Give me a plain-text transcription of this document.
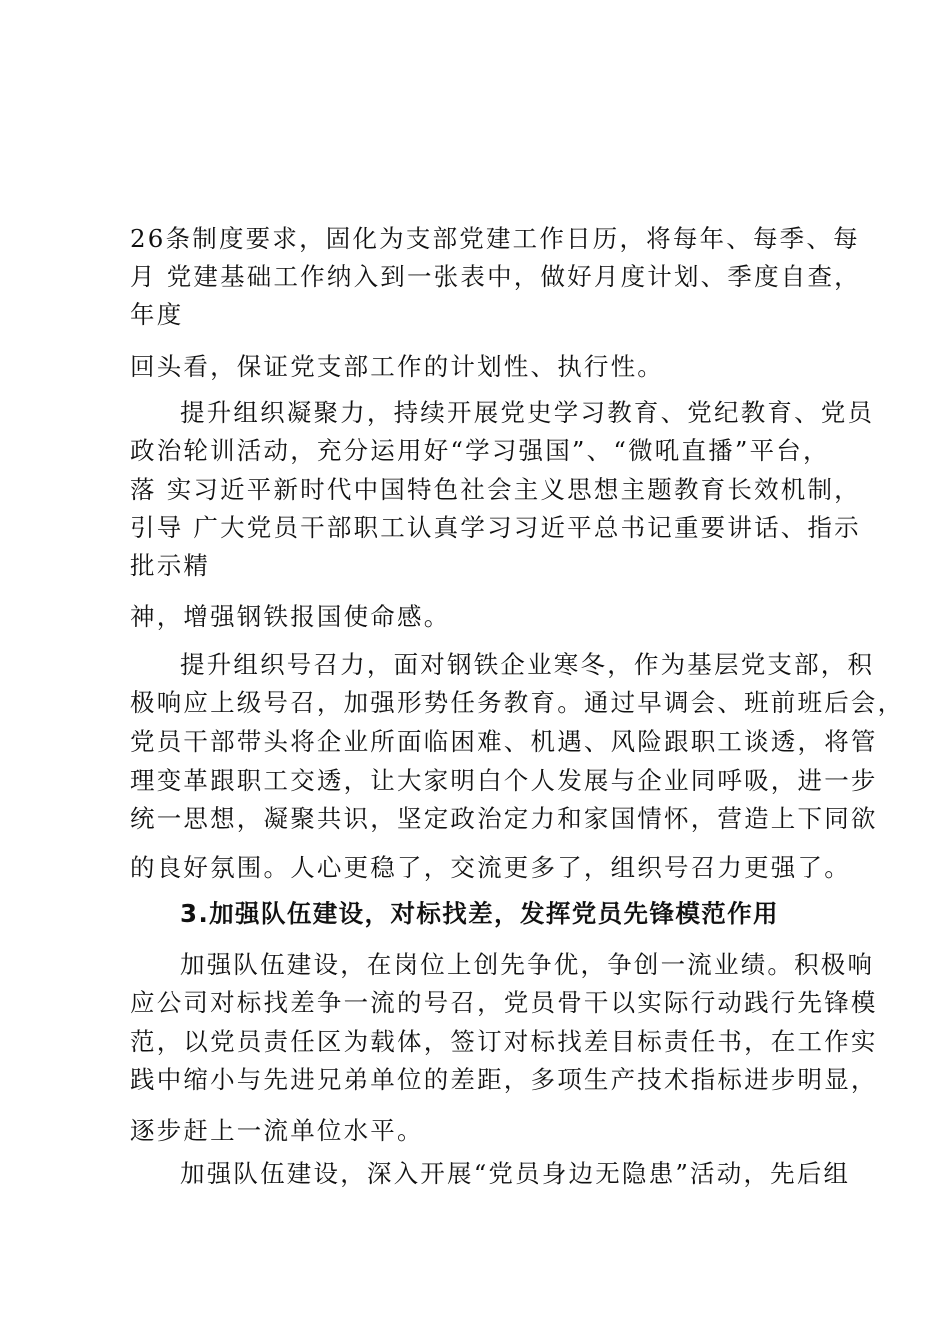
26条制度要求，固化为支部党建工作日历，将每年、每季、每

月 党建基础工作纳入到一张表中，做好月度计划、季度自查，

年度

回头看，保证党支部工作的计划性、执行性。

提升组织凝聚力，持续开展党史学习教育、党纪教育、党员

政治轮训活动，充分运用好“学习强国”、“微吼直播”平台，

落 实习近平新时代中国特色社会主义思想主题教育长效机制，

引导 广大党员干部职工认真学习习近平总书记重要讲话、指示

批示精

神，增强钢铁报国使命感。

提升组织号召力，面对钢铁企业寒冬，作为基层党支部，积

极响应上级号召，加强形势任务教育。通过早调会、班前班后会，

党员干部带头将企业所面临困难、机遇、风险跟职工谈透，将管

理变革跟职工交透，让大家明白个人发展与企业同呼吸，进一步

统一思想，凝聚共识，坚定政治定力和家国情怀，营造上下同欲

的良好氛围。人心更稳了，交流更多了，组织号召力更强了。

3.加强队伍建设，对标找差，发挥党员先锋模范作用

加强队伍建设，在岗位上创先争优，争创一流业绩。积极响

应公司对标找差争一流的号召，党员骨干以实际行动践行先锋模

范，以党员责任区为载体，签订对标找差目标责任书，在工作实

践中缩小与先进兄弟单位的差距，多项生产技术指标进步明显，

逐步赶上一流单位水平。

加强队伍建设，深入开展“党员身边无隐患”活动，先后组
